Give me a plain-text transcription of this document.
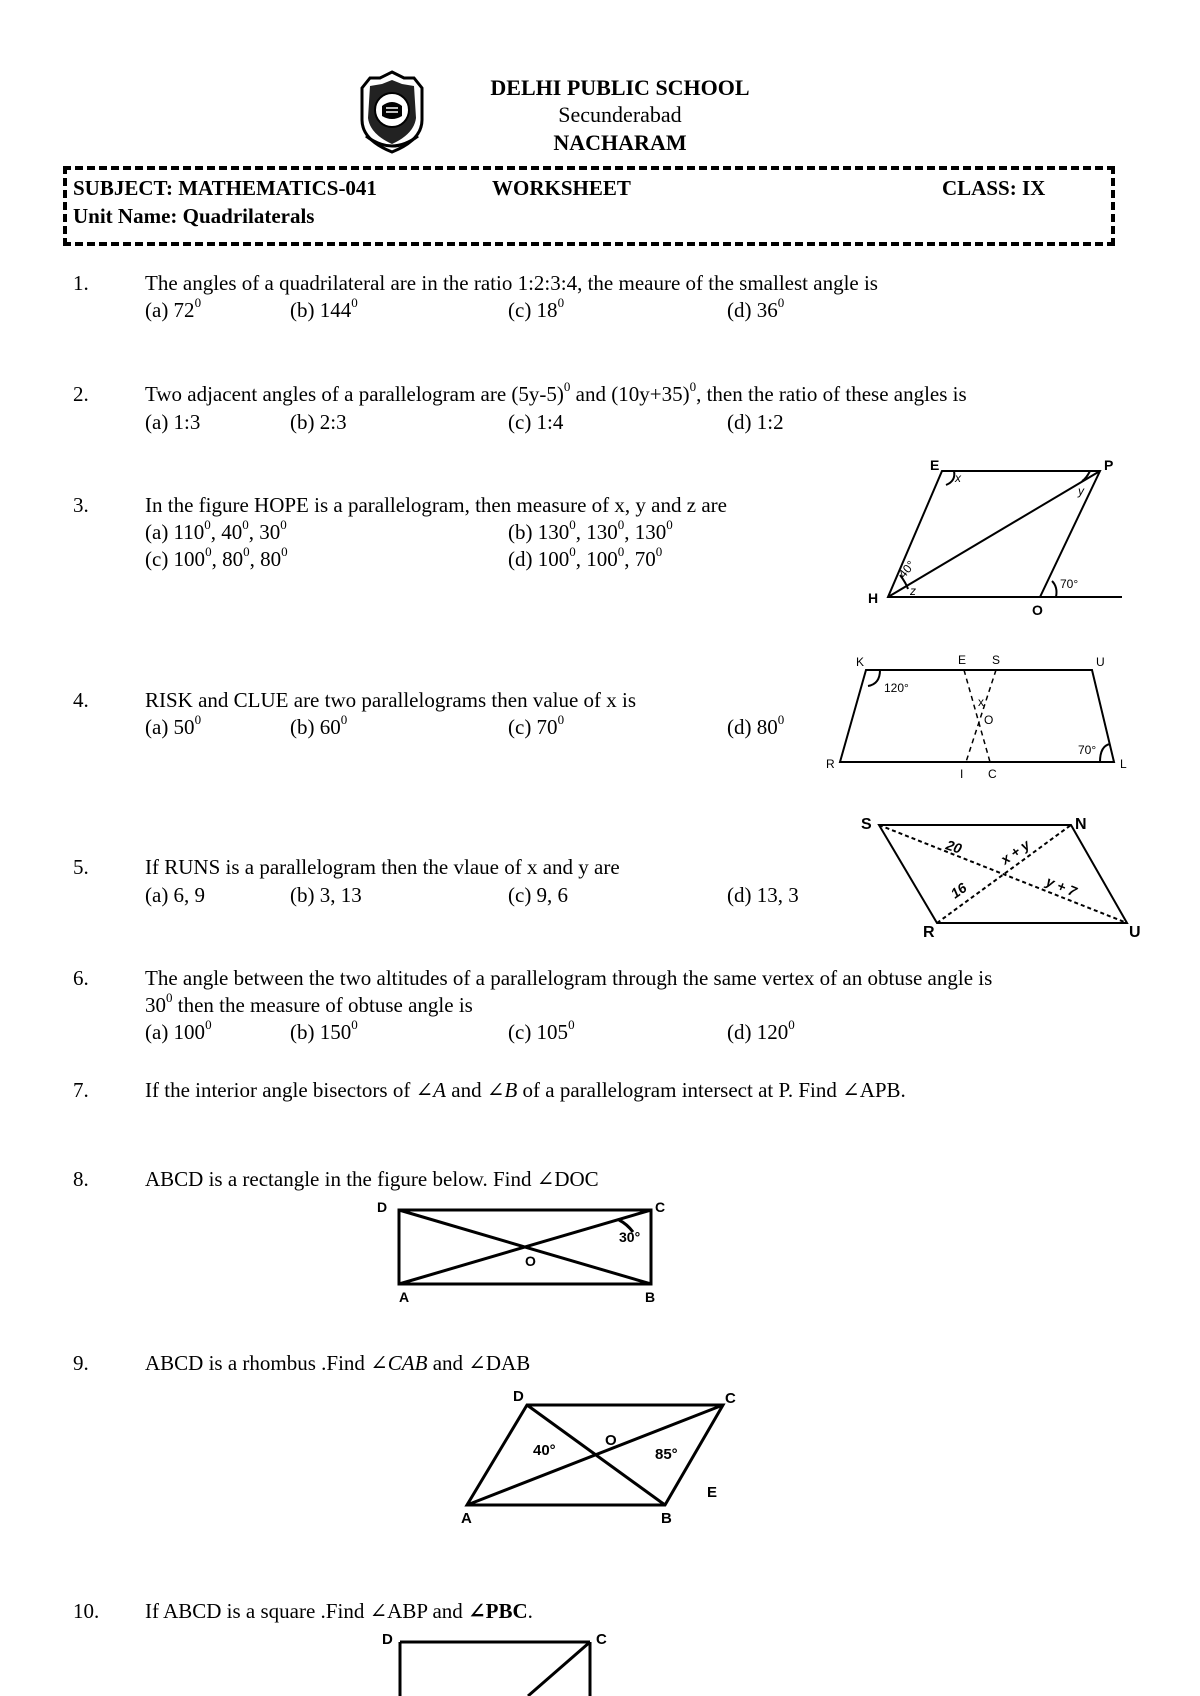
DELHI PUBLIC SCHOOL
Secunderabad
NACHARAM
SUBJECT: MATHEMATICS-041	WORKSHEET	CLASS: IX
Unit Name: Quadrilaterals
1.	The angles of a quadrilateral are in the ratio 1:2:3:4, the meaure of the smallest angle is
(a) $72^0$	(b) $144^0$	(c) $18^0$	(d) $36^0$
2.	Two adjacent angles of a parallelogram are $(5y-5)^0$ and $(10y+35)^0$, then the ratio of these angles is
(a) 1:3	(b) 2:3	(c) 1:4	(d) 1:2
3.	In the figure HOPE is a parallelogram, then measure of x, y and z are
(a) $110^0$, $40^0$, $30^0$	(b) $130^0$, $130^0$, $130^0$
(c) $100^0$, $80^0$, $80^0$	(d) $100^0$, $100^0$, $70^0$
E	P
H
O
x
y
z
40°
70°
4.	RISK and CLUE are two parallelograms then value of x is
(a) $50^0$	(b) $60^0$	(c) $70^0$	(d) $80^0$
K	E S	U
R
I C
L
O
x
120°
70°
5.	If RUNS is a parallelogram then the vlaue of x and y are
(a) 6, 9	(b) 3, 13	(c) 9, 6	(d) 13, 3
S	N
R	U
20
16
x + y
y + 7
6.	The angle between the two altitudes of a parallelogram through the same vertex of an obtuse angle is
$30^0$ then the measure of obtuse angle is
(a) $100^0$	(b) $150^0$	(c) $105^0$	(d) $120^0$
7.	If the interior angle bisectors of ∠A and ∠B of a parallelogram intersect at P. Find ∠APB.
8.	ABCD is a rectangle in the figure below. Find ∠DOC
D	C
A	B
O
30°
9.	ABCD is a rhombus .Find ∠CAB and ∠DAB
D	C
A	B
O
E
40°	85°
10. If ABCD is a square .Find ∠ABP and ∠PBC.
D	C
